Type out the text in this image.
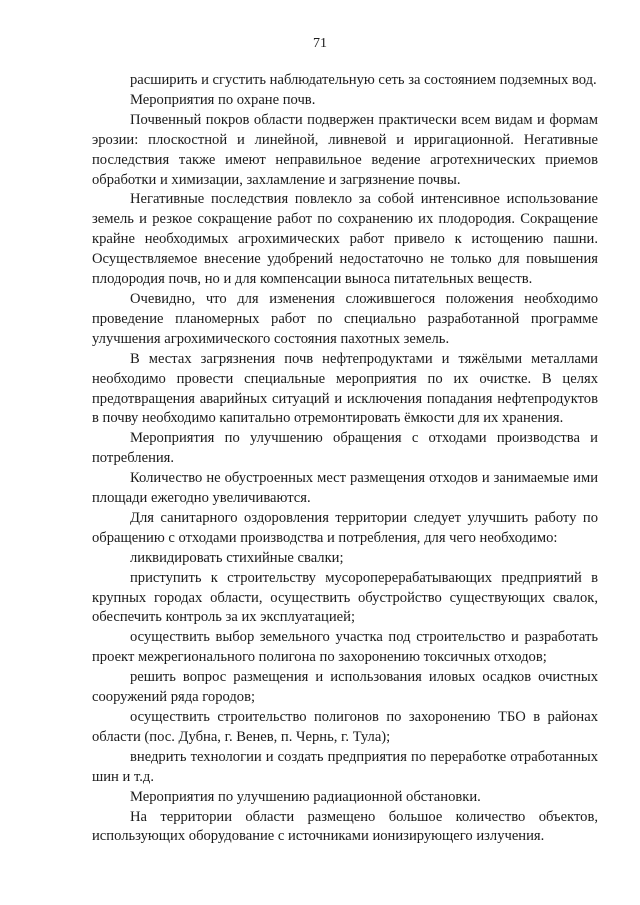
71

расширить и сгустить наблюдательную сеть за состоянием подземных вод.

Мероприятия по охране почв.

Почвенный покров области подвержен практически всем видам и формам эрозии: плоскостной и линейной, ливневой и ирригационной. Негативные последствия также имеют неправильное ведение агротехнических приемов обработки и химизации, захламление и загрязнение почвы.

Негативные последствия повлекло за собой интенсивное использование земель и резкое сокращение работ по сохранению их плодородия. Сокращение крайне необходимых агрохимических работ привело к истощению пашни. Осуществляемое внесение удобрений недостаточно не только для повышения плодородия почв, но и для компенсации выноса питательных веществ.

Очевидно, что для изменения сложившегося положения необходимо проведение планомерных работ по специально разработанной программе улучшения агрохимического состояния пахотных земель.

В местах загрязнения почв нефтепродуктами и тяжёлыми металлами необходимо провести специальные мероприятия по их очистке. В целях предотвращения аварийных ситуаций и исключения попадания нефтепродуктов в почву необходимо капитально отремонтировать ёмкости для их хранения.

Мероприятия по улучшению обращения с отходами производства и потребления.

Количество не обустроенных мест размещения отходов и занимаемые ими площади ежегодно увеличиваются.

Для санитарного оздоровления территории следует улучшить работу по обращению с отходами производства и потребления, для чего необходимо:

ликвидировать стихийные свалки;

приступить к строительству мусороперерабатывающих предприятий в крупных городах области, осуществить обустройство существующих свалок, обеспечить контроль за их эксплуатацией;

осуществить выбор земельного участка под строительство и разработать проект межрегионального полигона по захоронению токсичных отходов;

решить вопрос размещения и использования иловых осадков очистных сооружений ряда городов;

осуществить строительство полигонов по захоронению ТБО в районах области (пос. Дубна, г. Венев, п. Чернь, г. Тула);

внедрить технологии и создать предприятия по переработке отработанных шин и т.д.

Мероприятия по улучшению радиационной обстановки.

На территории области размещено большое количество объектов, использующих оборудование с источниками ионизирующего излучения.
